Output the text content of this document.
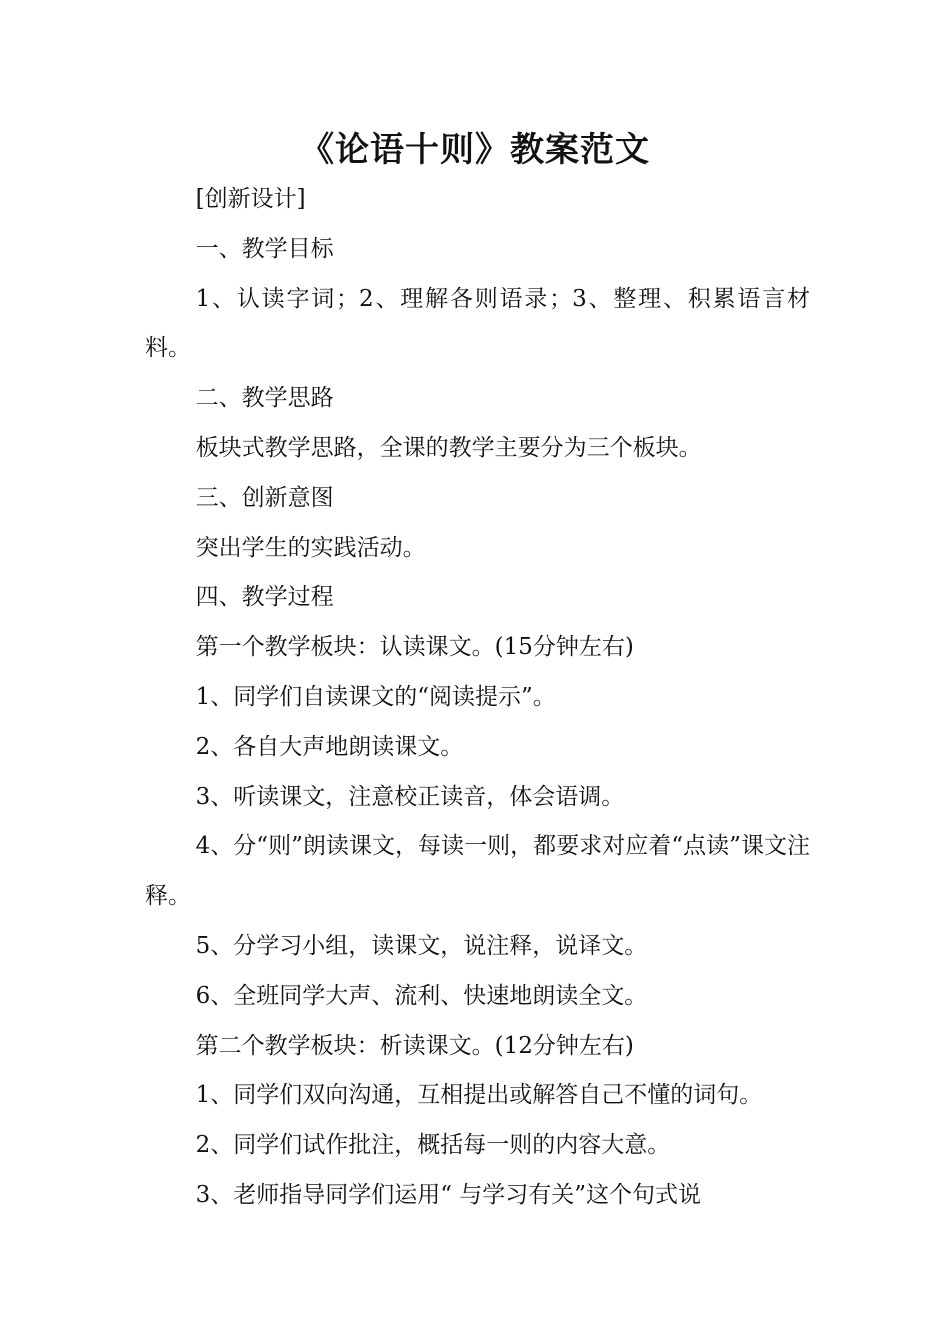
《论语十则》教案范文

[创新设计]

一、教学目标

1、认读字词；2、理解各则语录；3、整理、积累语言材料。

二、教学思路

板块式教学思路，全课的教学主要分为三个板块。

三、创新意图

突出学生的实践活动。

四、教学过程

第一个教学板块：认读课文。(15分钟左右)

1、同学们自读课文的“阅读提示”。

2、各自大声地朗读课文。

3、听读课文，注意校正读音，体会语调。

4、分“则”朗读课文，每读一则，都要求对应着“点读”课文注释。

5、分学习小组，读课文，说注释，说译文。

6、全班同学大声、流利、快速地朗读全文。

第二个教学板块：析读课文。(12分钟左右)

1、同学们双向沟通，互相提出或解答自己不懂的词句。

2、同学们试作批注，概括每一则的内容大意。

3、老师指导同学们运用“ 与学习有关”这个句式说
